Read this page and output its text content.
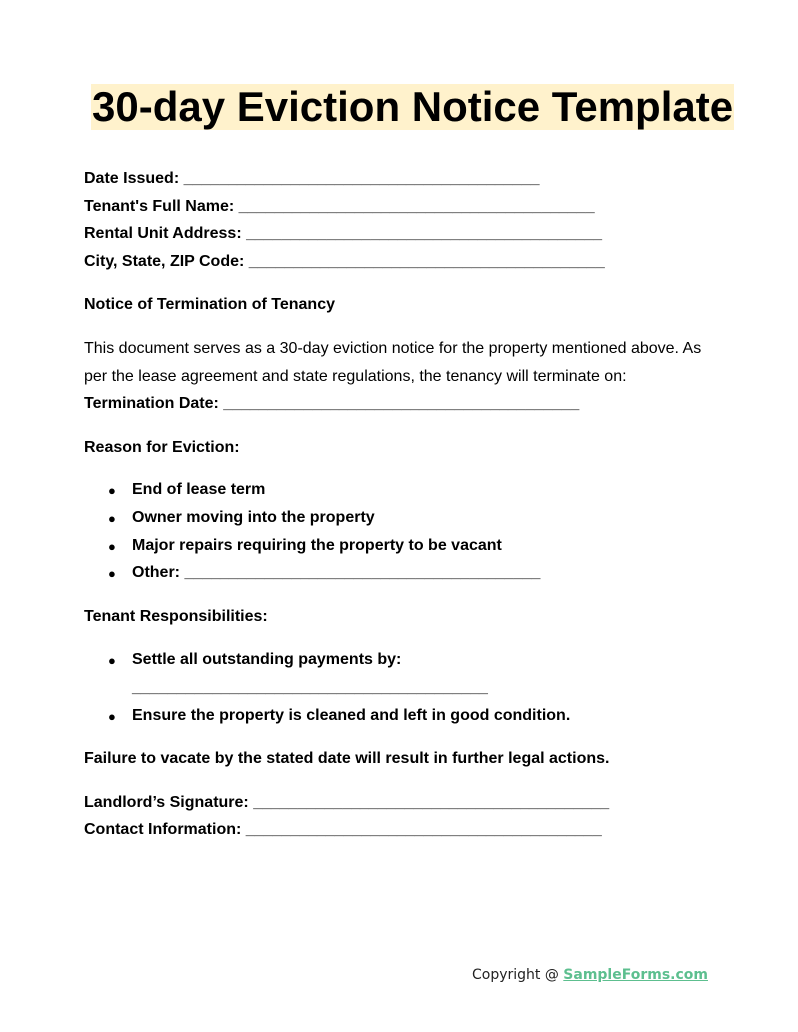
30-day Eviction Notice Template
Date Issued: ________________________________________
Tenant's Full Name: ________________________________________
Rental Unit Address: ________________________________________
City, State, ZIP Code: ________________________________________
Notice of Termination of Tenancy
This document serves as a 30-day eviction notice for the property mentioned above. As
per the lease agreement and state regulations, the tenancy will terminate on:
Termination Date: ________________________________________
Reason for Eviction:
● End of lease term
● Owner moving into the property
● Major repairs requiring the property to be vacant
● Other: ________________________________________
Tenant Responsibilities:
● Settle all outstanding payments by:
________________________________________
● Ensure the property is cleaned and left in good condition.
Failure to vacate by the stated date will result in further legal actions.
Landlord’s Signature: ________________________________________
Contact Information: ________________________________________
Copyright @ SampleForms.com
